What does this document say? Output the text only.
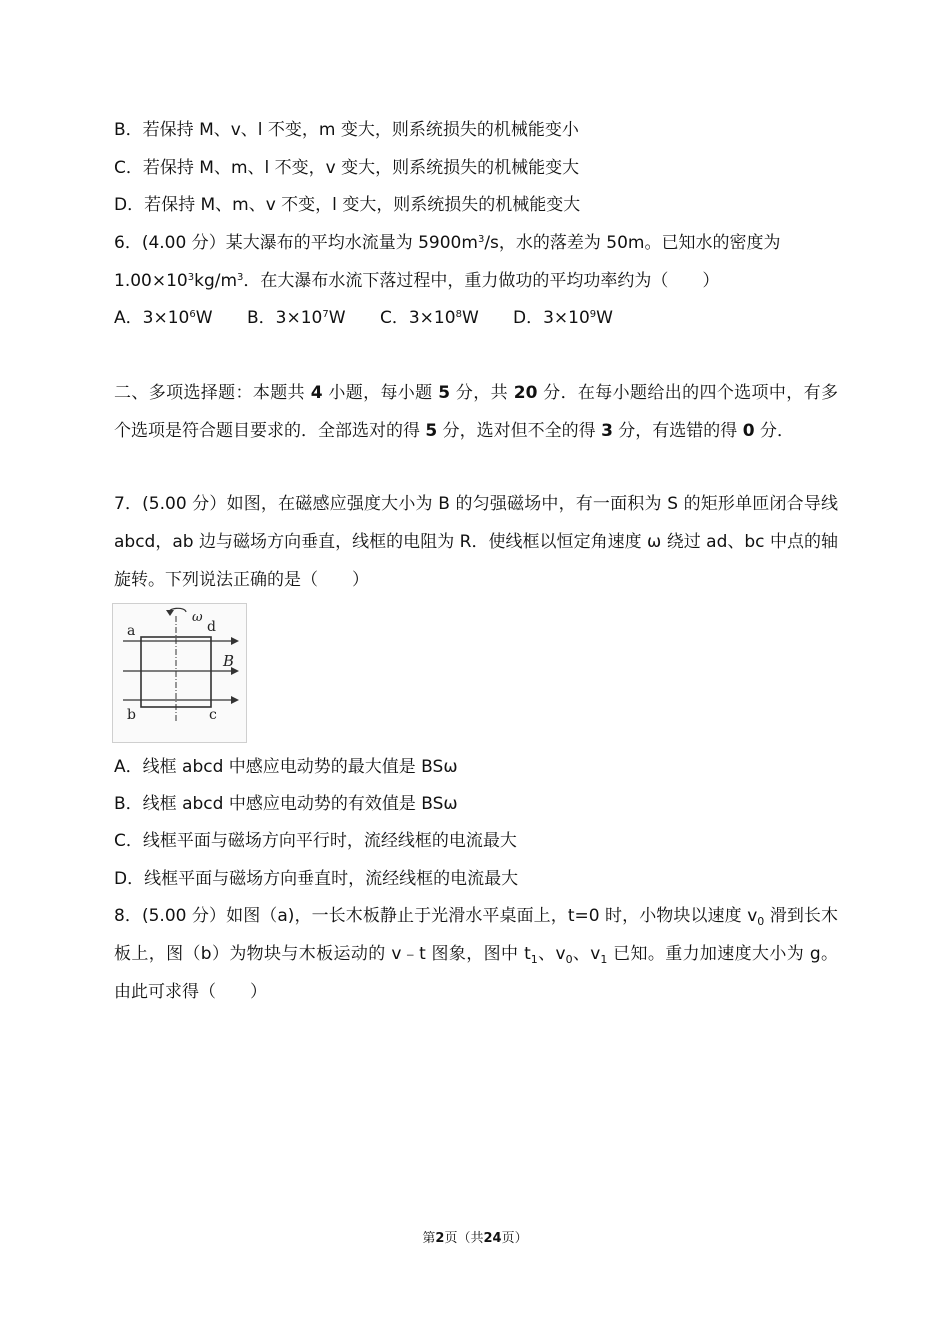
B．若保持 M、v、l 不变，m 变大，则系统损失的机械能变小
C．若保持 M、m、l 不变，v 变大，则系统损失的机械能变大
D．若保持 M、m、v 不变，l 变大，则系统损失的机械能变大
6．(4.00 分）某大瀑布的平均水流量为 $5900m^3/s$，水的落差为 50m。已知水的密度为
$1.00\times 10^3kg/m^3$．在大瀑布水流下落过程中，重力做功的平均功率约为（　　）
A．$3\times 10^6W$ B．$3\times 10^7W$ C．$3\times 10^8W$ D．$3\times 10^9W$
二、多项选择题：本题共 4 小题，每小题 5 分，共 20 分．在每小题给出的四个选项中，有多个选项是符合题目要求的．全部选对的得 5 分，选对但不全的得 3 分，有选错的得 0 分．
7．(5.00 分）如图，在磁感应强度大小为 B 的匀强磁场中，有一面积为 S 的矩形单匝闭合导线 abcd，ab 边与磁场方向垂直，线框的电阻为 R．使线框以恒定角速度 ω 绕过 ad、bc 中点的轴旋转。下列说法正确的是（　　）
ω
a	d
b	c
B
A．线框 abcd 中感应电动势的最大值是 BSω
B．线框 abcd 中感应电动势的有效值是 BSω
C．线框平面与磁场方向平行时，流经线框的电流最大
D．线框平面与磁场方向垂直时，流经线框的电流最大
8．(5.00 分）如图（a)，一长木板静止于光滑水平桌面上，t=0 时，小物块以速度 $v_0$ 滑到长木板上，图（b）为物块与木板运动的 v﹣t 图象，图中 $t_1$、$v_0$、$v_1$ 已知。重力加速度大小为 g。由此可求得（　　）
第2页（共24页）
